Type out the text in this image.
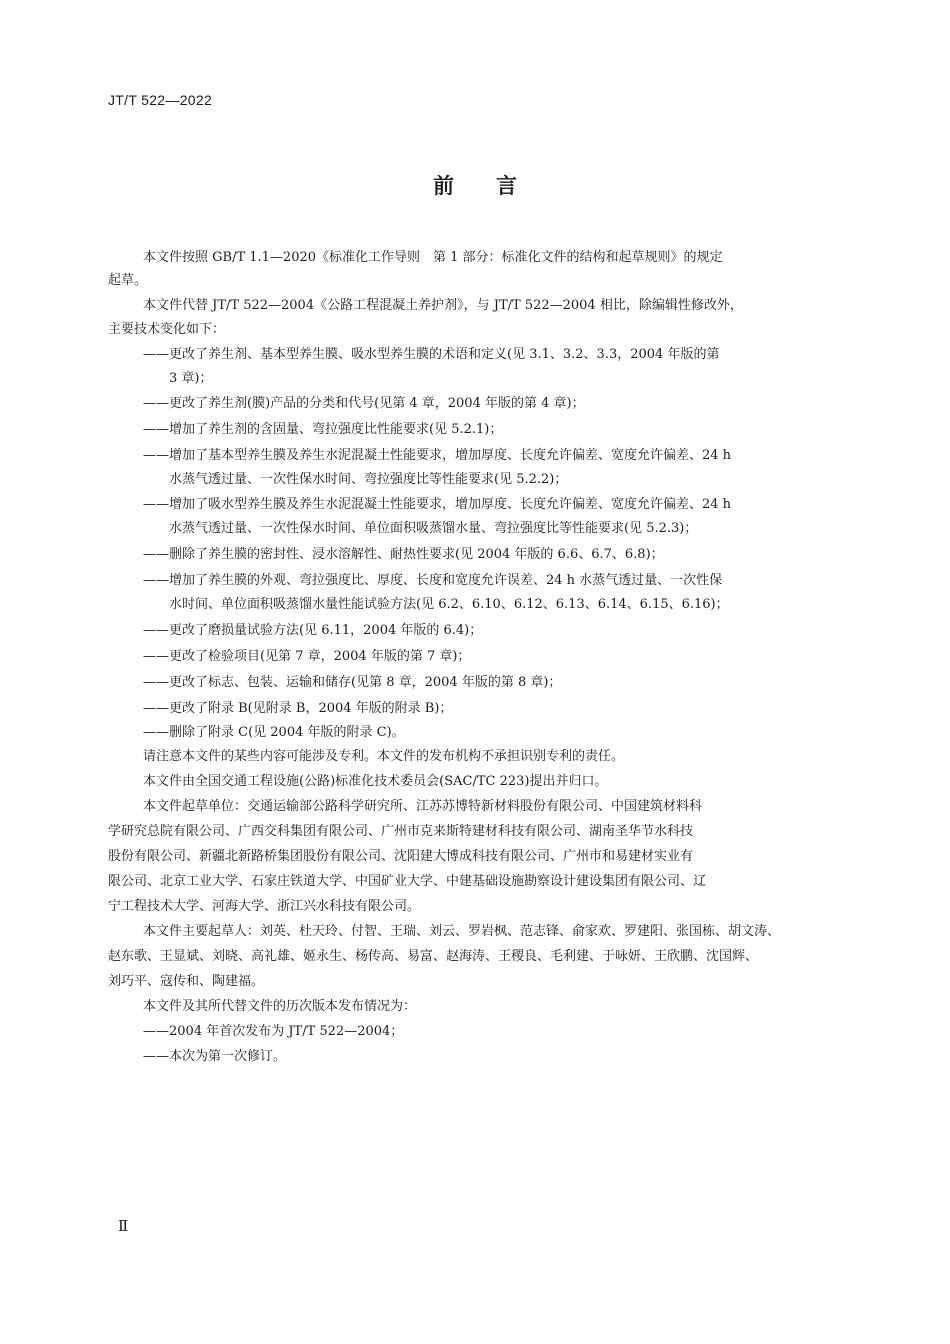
JT/T 522—2022
前言
本文件按照 GB/T 1.1—2020《标准化工作导则　第 1 部分：标准化文件的结构和起草规则》的规定
起草。
本文件代替 JT/T 522—2004《公路工程混凝土养护剂》，与 JT/T 522—2004 相比，除编辑性修改外，
主要技术变化如下：
——更改了养生剂、基本型养生膜、吸水型养生膜的术语和定义(见 3.1、3.2、3.3，2004 年版的第
3 章)；
——更改了养生剂(膜)产品的分类和代号(见第 4 章，2004 年版的第 4 章)；
——增加了养生剂的含固量、弯拉强度比性能要求(见 5.2.1)；
——增加了基本型养生膜及养生水泥混凝土性能要求，增加厚度、长度允许偏差、宽度允许偏差、24 h
水蒸气透过量、一次性保水时间、弯拉强度比等性能要求(见 5.2.2)；
——增加了吸水型养生膜及养生水泥混凝土性能要求，增加厚度、长度允许偏差、宽度允许偏差、24 h
水蒸气透过量、一次性保水时间、单位面积吸蒸馏水量、弯拉强度比等性能要求(见 5.2.3)；
——删除了养生膜的密封性、浸水溶解性、耐热性要求(见 2004 年版的 6.6、6.7、6.8)；
——增加了养生膜的外观、弯拉强度比、厚度、长度和宽度允许误差、24 h 水蒸气透过量、一次性保
水时间、单位面积吸蒸馏水量性能试验方法(见 6.2、6.10、6.12、6.13、6.14、6.15、6.16)；
——更改了磨损量试验方法(见 6.11，2004 年版的 6.4)；
——更改了检验项目(见第 7 章，2004 年版的第 7 章)；
——更改了标志、包装、运输和储存(见第 8 章，2004 年版的第 8 章)；
——更改了附录 B(见附录 B，2004 年版的附录 B)；
——删除了附录 C(见 2004 年版的附录 C)。
请注意本文件的某些内容可能涉及专利。本文件的发布机构不承担识别专利的责任。
本文件由全国交通工程设施(公路)标准化技术委员会(SAC/TC 223)提出并归口。
本文件起草单位：交通运输部公路科学研究所、江苏苏博特新材料股份有限公司、中国建筑材料科
学研究总院有限公司、广西交科集团有限公司、广州市克来斯特建材科技有限公司、湖南圣华节水科技
股份有限公司、新疆北新路桥集团股份有限公司、沈阳建大博成科技有限公司、广州市和易建材实业有
限公司、北京工业大学、石家庄铁道大学、中国矿业大学、中建基础设施勘察设计建设集团有限公司、辽
宁工程技术大学、河海大学、浙江兴水科技有限公司。
本文件主要起草人：刘英、杜天玲、付智、王瑞、刘云、罗岩枫、范志锋、俞家欢、罗建阳、张国栋、胡文涛、
赵东歌、王显斌、刘晓、高礼雄、姬永生、杨传高、易富、赵海涛、王稷良、毛利建、于咏妍、王欣鹏、沈国辉、
刘巧平、寇传和、陶建福。
本文件及其所代替文件的历次版本发布情况为：
——2004 年首次发布为 JT/T 522—2004；
——本次为第一次修订。
Ⅱ
